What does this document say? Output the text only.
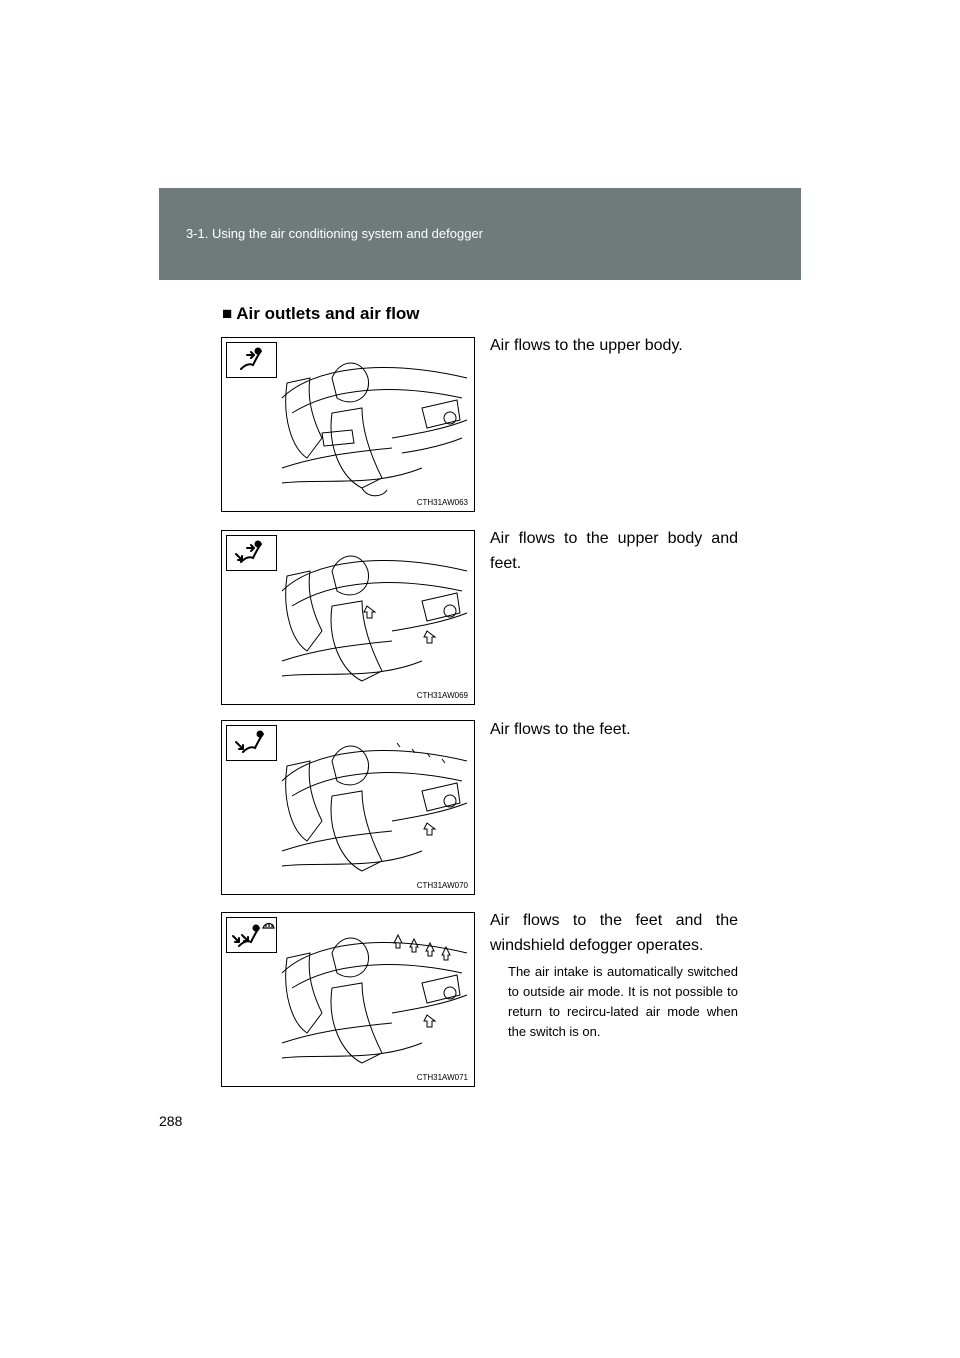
3-1. Using the air conditioning system and defogger
■ Air outlets and air flow
CTH31AW063
Air flows to the upper body.
CTH31AW069
Air flows to the upper body and feet.
CTH31AW070
Air flows to the feet.
CTH31AW071
Air flows to the feet and the windshield defogger operates.
The air intake is automatically switched to outside air mode. It is not possible to return to recircu-lated air mode when the switch is on.
288
